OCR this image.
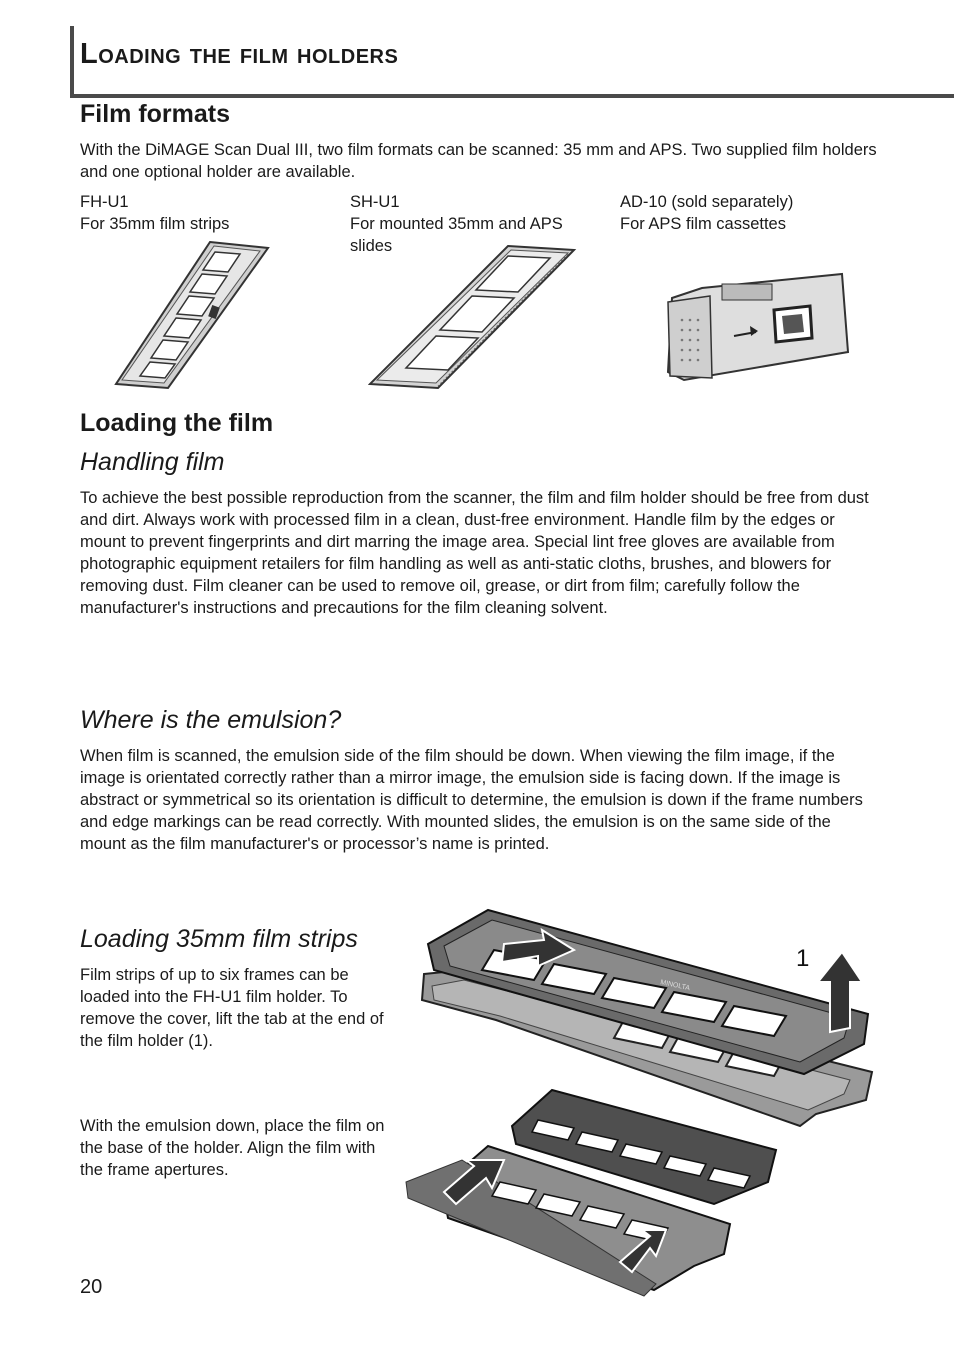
Loading the film holders
Film formats

With the DiMAGE Scan Dual III, two film formats can be scanned: 35 mm and APS. Two supplied film holders and one optional holder are available.

FH-U1
For 35mm film strips
SH-U1
For mounted 35mm and APS slides
AD-10 (sold separately)
For APS film cassettes
Loading the film
Handling film

To achieve the best possible reproduction from the scanner, the film and film holder should be free from dust and dirt. Always work with processed film in a clean, dust-free environment. Handle film by the edges or mount to prevent fingerprints and dirt marring the image area. Special lint free gloves are available from photographic equipment retailers for film handling as well as anti-static cloths, brushes, and blowers for removing dust. Film cleaner can be used to remove oil, grease, or dirt from film; carefully follow the manufacturer's instructions and precautions for the film cleaning solvent.

Where is the emulsion?

When film is scanned, the emulsion side of the film should be down. When viewing the film image, if the image is orientated correctly rather than a mirror image, the emulsion side is facing down. If the image is abstract or symmetrical so its orientation is difficult to determine, the emulsion is down if the frame numbers and edge markings can be read correctly. With mounted slides, the emulsion is on the same side of the mount as the film manufacturer's or processor’s name is printed.

Loading 35mm film strips

Film strips of up to six frames can be loaded into the FH-U1 film holder. To remove the cover, lift the tab at the end of the film holder (1).

With the emulsion down, place the film on the base of the holder. Align the film with the frame apertures.

1
MINOLTA
20
